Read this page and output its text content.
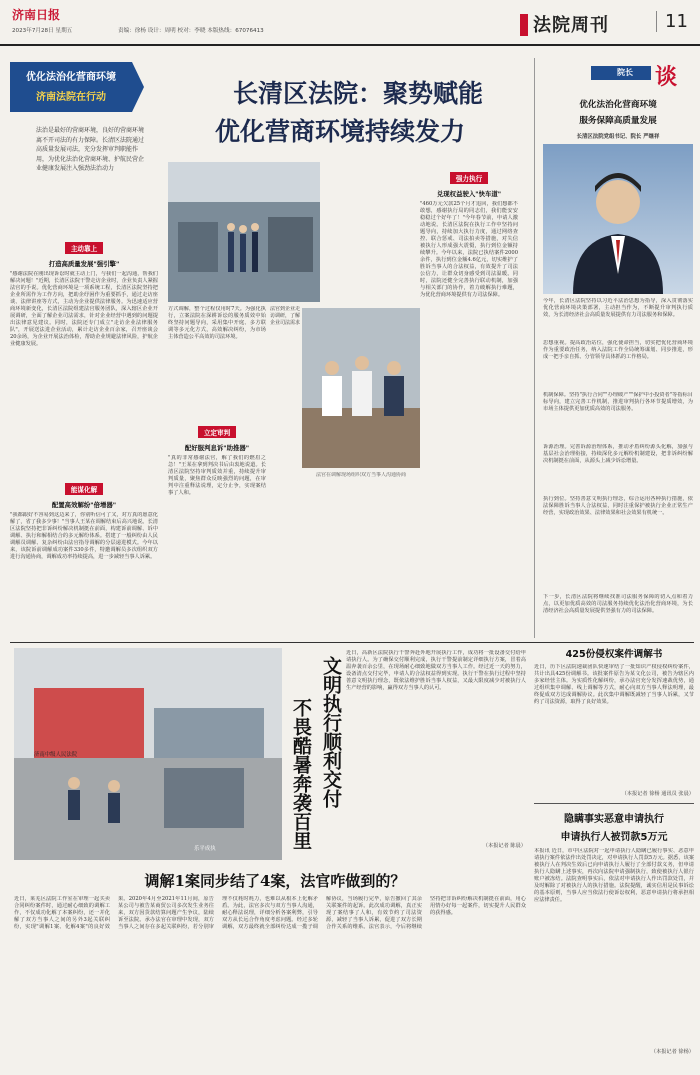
济南日报
2023年7月28日 星期五	责编：徐杨 设计：周明 校对：李晓 本版热线：67076413	法院周刊	11
优化法治化营商环境
济南法院在行动
法治是最好的营商环境，良好的营商环境离不开司法的有力保障。长清区法院通过高质量发展司法，充分发挥审判职能作用，为优化法治化营商环境、护航民营企业健康发展注入强劲法治动力
长清区法院：聚势赋能
优化营商环境持续发力
主动靠上
打造高质量发展"强引擎"
"感谢法院在刚出现诉讼时就主动上门，与我们一起沟通，帮我们解决问题！"近期，长清区法院干警走访企业时，企业负责人紧握法官的手说。优化营商环境是一项系统工程，长清区法院坚持把企业所需作为工作方向，把助企纾困作为重要抓手，通过走访座谈、法律讲座等方式，主动为企业提供法律服务。为迅速适应营商环境新变化，长清区法院组建法官服务团队，深入辖区企业开展调研，全面了解企业司法需求，针对企业经营中遇到的问题提出法律意见建议。同时，法院还专门成立"走访企业法律服务队"，开展送法进企业活动，累计走访企业百余家，召开座谈会20余场，为企业开展法治体检，帮助企业规避法律风险，护航企业健康发展。
能谋化解
配置高效解纷"倍增器"
"我都跟好不容易到这边来了，你别听信可了又，对方真的愿意化解了，省了我多少事！"当事人王某在调解结束后高兴地说。长清区法院坚持把非诉纠纷解决机制挺在前面，构建诉前调解、诉中调解、执行和解相结合的多元解纷体系。搭建了一般纠纷由人民调解员调解、复杂纠纷由法官指导调解的分层递进模式。今年以来，该院诉前调解成功案件330多件，特邀调解员多次组织双方进行沟通协商，调解成功率持续提高，进一步减轻当事人诉累。
方式调解，整个过程仅用时7天。为强化执行，立案法院在深耕诉讼的服务质效中始终坚持问题导向，采用集中开庭、多方联调等多元化方式，高效解决纠纷，为市场主体营造公平高效的司法环境。
立定审判
配好服判息诉"助推器"
"真的非常感谢法官，解了我们的燃眉之急！"王某在拿到判决书后由衷地说道。长清区法院坚持审判质效并重，持续提升审判质量，聚焦群众反映强烈的问题，在审判中注重释法说理，定分止争，实现案结事了人和。
强力执行
兑现权益驶入"快车道"
"460万元欠款25个月才追回，我们想都不敢想，感谢执行局的同志们，我们能安安稳稳过个好年了！"今年春节前，申请人激动地说。长清区法院在执行工作中坚持问题导向，持续加大执行力度，通过网络查控、联合惩戒、司法拍卖等措施，对失信被执行人形成强大震慑，执行到位金额持续攀升。今年以来，法院已执结案件2000余件，执行到位金额4.6亿元，切实维护了胜诉当事人的合法权益，有效提升了司法公信力，让群众切身感受到司法温暖。同时，法院还健全完善执行联动机制，加强与相关部门的协作，着力破解执行难题，为优化营商环境提供有力司法保障。
法官到企业走访调研，了解企业司法需求
法官在调解现场组织双方当事人沟通协商
院长 谈
优化法治化营商环境
服务保障高质量发展
长清区法院党组书记、院长 严继祥
今年，长清区法院坚持以习近平法治思想为指导，深入贯彻落实优化营商环境决策部署，主动担当作为，不断提升审判执行质效，为长清经济社会高质量发展提供有力司法服务和保障。
思想重视。提高政治站位，强化使命担当，切实把优化营商环境作为重要政治任务，纳入法院工作全局统筹谋划、同步推进，形成一把手亲自抓、分管领导具体抓的工作格局。
机制保障。坚持"执行合同""办理破产""保护中小投资者"等指标目标导向，建立完善工作机制，推进审判执行各环节提质增效，为市场主体提供更加优质高效的司法服务。
诉源治理。完善诉源治理体系，推动矛盾纠纷源头化解，加强与基层社会治理衔接，持续深化多元解纷机制建设，把非诉纠纷解决机制挺在前面，从源头上减少诉讼增量。
执行到位。坚持善意文明执行理念，综合运用各种执行措施，依法保障胜诉当事人合法权益，同时注重保护被执行企业正常生产经营，实现政治效果、法律效果和社会效果有机统一。
下一步，长清区法院将继续找准司法服务保障的切入点和着力点，以更加优质高效的司法服务持续优化法治化营商环境，为长清经济社会高质量发展提供坚强有力的司法保障。
济南中级人民法院
乐平成执
文明执行顺利交付
不畏酷暑奔袭百里
近日，高新区法院执行干警奔赴外地开展执行工作，成功将一批设备交付给申请执行人。为了确保交付顺利完成，执行干警提前制定详细执行方案，冒着高温奔袭百余公里，在现场耐心细致地做双方当事人工作。经过近一天的努力，设备清点交付完毕，申请人的合法权益得到实现。执行干警在执行过程中坚持善意文明执行理念，既依法维护胜诉当事人权益，又最大限度减少对被执行人生产经营的影响，赢得双方当事人的认可。
（本报记者 陈晨）
425份侵权案件调解书
近日，历下区法院速裁团队快速审结了一批知识产权侵权纠纷案件，共计出具425份调解书。该批案件原告为某文化公司，被告为辖区内多家经营主体。为实质性化解纠纷，承办法官充分发挥速裁优势，通过组织集中调解、线上调解等方式，耐心向双方当事人释法明理，最终促成双方达成调解协议。此次集中调解既减轻了当事人诉累，又节约了司法资源，取得了良好效果。
（本报记者 徐杨 通讯员 张晨）
隐瞒事实恶意申请执行
申请执行人被罚款5万元
本报讯 近日，市中区法院对一起申请执行人隐瞒已履行事实、恶意申请执行案件依法作出处罚决定，对申请执行人罚款5万元。据悉，该案被执行人在判决生效后已向申请执行人履行了全部付款义务，但申请执行人隐瞒上述事实，再次向法院申请强制执行，致使被执行人银行账户被冻结。法院查明事实后，依法对申请执行人作出罚款处罚，并及时解除了对被执行人的执行措施。法院提醒，诚实信用是民事诉讼的基本原则，当事人应当依法行使诉讼权利，恶意申请执行将承担相应法律责任。
（本报记者 徐杨）
调解1案同步结了4案，法官咋做到的？
近日，莱芜区法院工作室在审理一起买卖合同纠纷案件时，通过耐心细致的调解工作，不仅成功化解了本案纠纷，还一并化解了双方当事人之间的另外3起关联纠纷，实现"调解1案、化解4案"的良好效果。2020年4月至2021年11月间，原告某公司与被告某商贸公司多次发生业务往来，双方因货款结算问题产生争议，陆续诉至法院。承办法官在审理中发现，双方当事人之间存在多起关联纠纷，若分别审理不仅耗时耗力，也难以从根本上化解矛盾。为此，法官多次与双方当事人沟通，耐心释法说理，详细分析各案利弊，引导双方从长远合作角度考虑问题。经过多轮调解，双方最终就全部纠纷达成一揽子调解协议，当场履行完毕，原告撤回了其余关联案件的起诉。此次成功调解，真正实现了案结事了人和，有效节约了司法资源，减轻了当事人诉累，促进了双方长期合作关系的维系。法官表示，今后将继续坚持把非诉纠纷解决机制挺在前面，用心用情办好每一起案件，切实提升人民群众的获得感。
